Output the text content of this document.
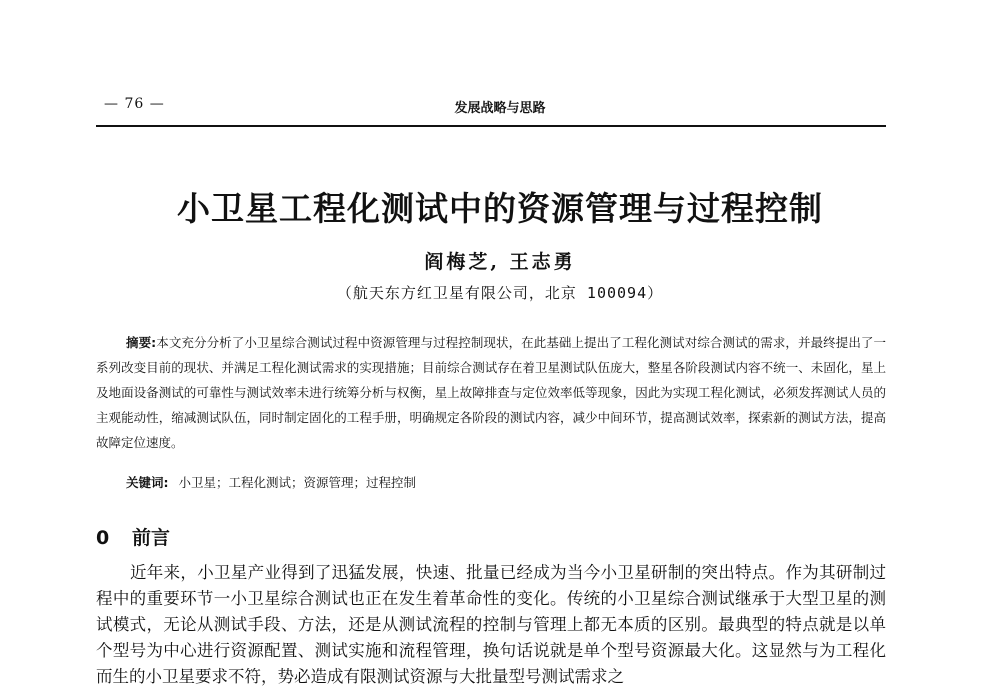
— 76 —	发展战略与思路
小卫星工程化测试中的资源管理与过程控制
阎梅芝, 王志勇
（航天东方红卫星有限公司，北京 100094）
摘要:本文充分分析了小卫星综合测试过程中资源管理与过程控制现状，在此基础上提出了工程化测试对综合测试的需求，并最终提出了一系列改变目前的现状、并满足工程化测试需求的实现措施；目前综合测试存在着卫星测试队伍庞大，整星各阶段测试内容不统一、未固化，星上及地面设备测试的可靠性与测试效率未进行统筹分析与权衡，星上故障排查与定位效率低等现象，因此为实现工程化测试，必须发挥测试人员的主观能动性，缩减测试队伍，同时制定固化的工程手册，明确规定各阶段的测试内容，减少中间环节，提高测试效率，探索新的测试方法，提高故障定位速度。
关键词: 小卫星；工程化测试；资源管理；过程控制
0 前言
近年来，小卫星产业得到了迅猛发展，快速、批量已经成为当今小卫星研制的突出特点。作为其研制过程中的重要环节一小卫星综合测试也正在发生着革命性的变化。传统的小卫星综合测试继承于大型卫星的测试模式，无论从测试手段、方法，还是从测试流程的控制与管理上都无本质的区别。最典型的特点就是以单个型号为中心进行资源配置、测试实施和流程管理，换句话说就是单个型号资源最大化。这显然与为工程化而生的小卫星要求不符，势必造成有限测试资源与大批量型号测试需求之
